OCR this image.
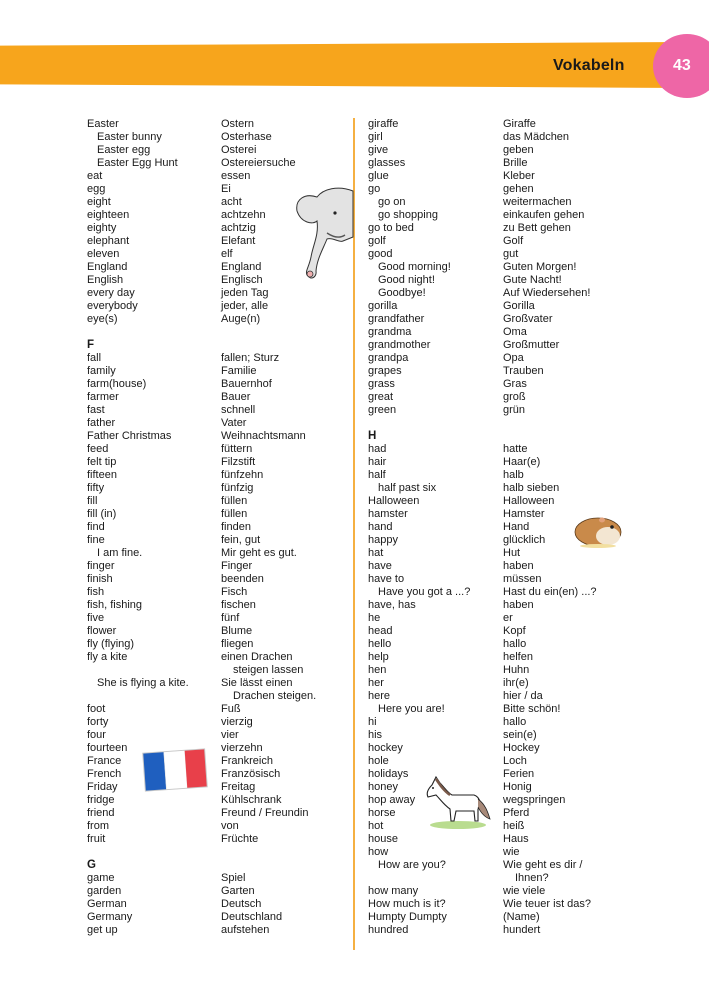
Vokabeln	43
Easter	Ostern
Easter bunny	Osterhase
Easter egg	Osterei
Easter Egg Hunt	Ostereiersuche
eat	essen
egg	Ei
eight	acht
eighteen	achtzehn
eighty	achtzig
elephant	Elefant
eleven	elf
England	England
English	Englisch
every day	jeden Tag
everybody	jeder, alle
eye(s)	Auge(n)
F
fall	fallen; Sturz
family	Familie
farm(house)	Bauernhof
farmer	Bauer
fast	schnell
father	Vater
Father Christmas	Weihnachtsmann
feed	füttern
felt tip	Filzstift
fifteen	fünfzehn
fifty	fünfzig
fill	füllen
fill (in)	füllen
find	finden
fine	fein, gut
I am fine.	Mir geht es gut.
finger	Finger
finish	beenden
fish	Fisch
fish, fishing	fischen
five	fünf
flower	Blume
fly (flying)	fliegen
fly a kite	einen Drachen
steigen lassen
She is flying a kite.	Sie lässt einen
Drachen steigen.
foot	Fuß
forty	vierzig
four	vier
fourteen	vierzehn
France	Frankreich
French	Französisch
Friday	Freitag
fridge	Kühlschrank
friend	Freund / Freundin
from	von
fruit	Früchte
G
game	Spiel
garden	Garten
German	Deutsch
Germany	Deutschland
get up	aufstehen
giraffe	Giraffe
girl	das Mädchen
give	geben
glasses	Brille
glue	Kleber
go	gehen
go on	weitermachen
go shopping	einkaufen gehen
go to bed	zu Bett gehen
golf	Golf
good	gut
Good morning!	Guten Morgen!
Good night!	Gute Nacht!
Goodbye!	Auf Wiedersehen!
gorilla	Gorilla
grandfather	Großvater
grandma	Oma
grandmother	Großmutter
grandpa	Opa
grapes	Trauben
grass	Gras
great	groß
green	grün
H
had	hatte
hair	Haar(e)
half	halb
half past six	halb sieben
Halloween	Halloween
hamster	Hamster
hand	Hand
happy	glücklich
hat	Hut
have	haben
have to	müssen
Have you got a ...?	Hast du ein(en) ...?
have, has	haben
he	er
head	Kopf
hello	hallo
help	helfen
hen	Huhn
her	ihr(e)
here	hier / da
Here you are!	Bitte schön!
hi	hallo
his	sein(e)
hockey	Hockey
hole	Loch
holidays	Ferien
honey	Honig
hop away	wegspringen
horse	Pferd
hot	heiß
house	Haus
how	wie
How are you?	Wie geht es dir /
Ihnen?
how many	wie viele
How much is it?	Wie teuer ist das?
Humpty Dumpty	(Name)
hundred	hundert
